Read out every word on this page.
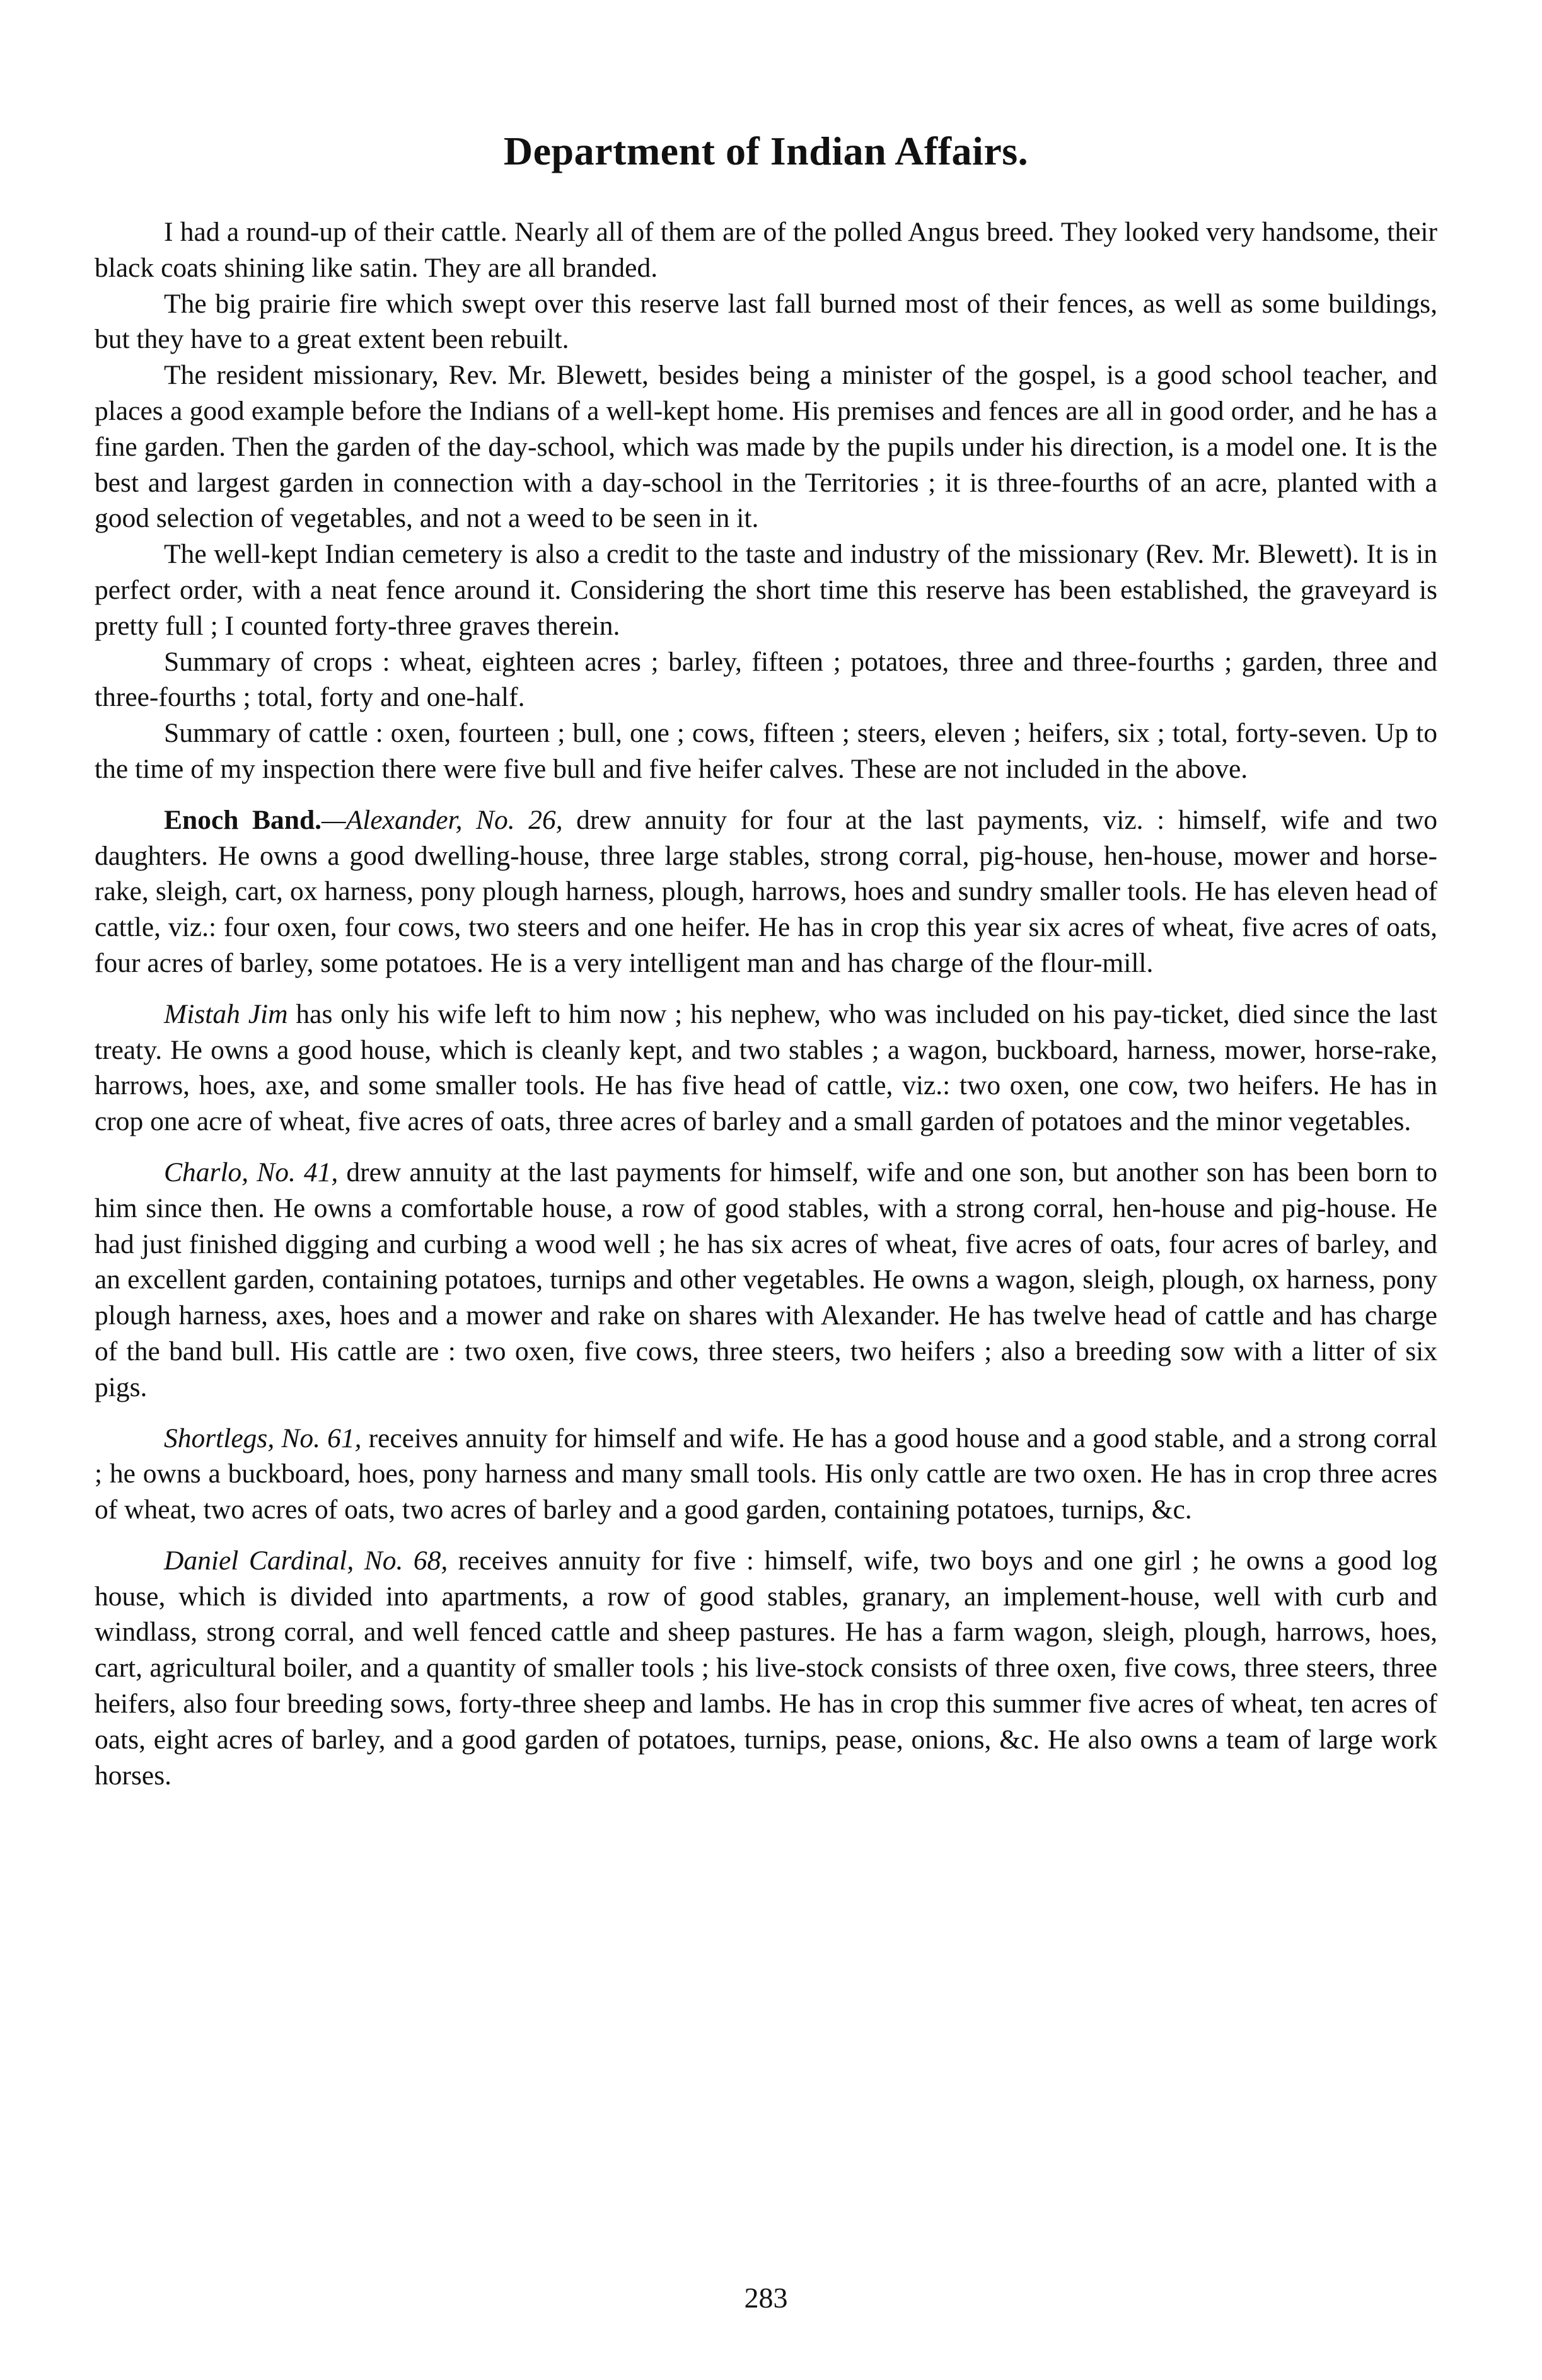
Department of Indian Affairs.

I had a round-up of their cattle. Nearly all of them are of the polled Angus breed. They looked very handsome, their black coats shining like satin. They are all branded.

The big prairie fire which swept over this reserve last fall burned most of their fences, as well as some buildings, but they have to a great extent been rebuilt.

The resident missionary, Rev. Mr. Blewett, besides being a minister of the gospel, is a good school teacher, and places a good example before the Indians of a well-kept home. His premises and fences are all in good order, and he has a fine garden. Then the garden of the day-school, which was made by the pupils under his direction, is a model one. It is the best and largest garden in connection with a day-school in the Territories ; it is three-fourths of an acre, planted with a good selection of vegetables, and not a weed to be seen in it.

The well-kept Indian cemetery is also a credit to the taste and industry of the missionary (Rev. Mr. Blewett). It is in perfect order, with a neat fence around it. Considering the short time this reserve has been established, the graveyard is pretty full ; I counted forty-three graves therein.

Summary of crops : wheat, eighteen acres ; barley, fifteen ; potatoes, three and three-fourths ; garden, three and three-fourths ; total, forty and one-half.

Summary of cattle : oxen, fourteen ; bull, one ; cows, fifteen ; steers, eleven ; heifers, six ; total, forty-seven. Up to the time of my inspection there were five bull and five heifer calves. These are not included in the above.

Enoch Band.—Alexander, No. 26, drew annuity for four at the last payments, viz. : himself, wife and two daughters. He owns a good dwelling-house, three large stables, strong corral, pig-house, hen-house, mower and horse-rake, sleigh, cart, ox harness, pony plough harness, plough, harrows, hoes and sundry smaller tools. He has eleven head of cattle, viz.: four oxen, four cows, two steers and one heifer. He has in crop this year six acres of wheat, five acres of oats, four acres of barley, some potatoes. He is a very intelligent man and has charge of the flour-mill.

Mistah Jim has only his wife left to him now ; his nephew, who was included on his pay-ticket, died since the last treaty. He owns a good house, which is cleanly kept, and two stables ; a wagon, buckboard, harness, mower, horse-rake, harrows, hoes, axe, and some smaller tools. He has five head of cattle, viz.: two oxen, one cow, two heifers. He has in crop one acre of wheat, five acres of oats, three acres of barley and a small garden of potatoes and the minor vegetables.

Charlo, No. 41, drew annuity at the last payments for himself, wife and one son, but another son has been born to him since then. He owns a comfortable house, a row of good stables, with a strong corral, hen-house and pig-house. He had just finished digging and curbing a wood well ; he has six acres of wheat, five acres of oats, four acres of barley, and an excellent garden, containing potatoes, turnips and other vegetables. He owns a wagon, sleigh, plough, ox harness, pony plough harness, axes, hoes and a mower and rake on shares with Alexander. He has twelve head of cattle and has charge of the band bull. His cattle are : two oxen, five cows, three steers, two heifers ; also a breeding sow with a litter of six pigs.

Shortlegs, No. 61, receives annuity for himself and wife. He has a good house and a good stable, and a strong corral ; he owns a buckboard, hoes, pony harness and many small tools. His only cattle are two oxen. He has in crop three acres of wheat, two acres of oats, two acres of barley and a good garden, containing potatoes, turnips, &c.

Daniel Cardinal, No. 68, receives annuity for five : himself, wife, two boys and one girl ; he owns a good log house, which is divided into apartments, a row of good stables, granary, an implement-house, well with curb and windlass, strong corral, and well fenced cattle and sheep pastures. He has a farm wagon, sleigh, plough, harrows, hoes, cart, agricultural boiler, and a quantity of smaller tools ; his live-stock consists of three oxen, five cows, three steers, three heifers, also four breeding sows, forty-three sheep and lambs. He has in crop this summer five acres of wheat, ten acres of oats, eight acres of barley, and a good garden of potatoes, turnips, pease, onions, &c. He also owns a team of large work horses.

283
